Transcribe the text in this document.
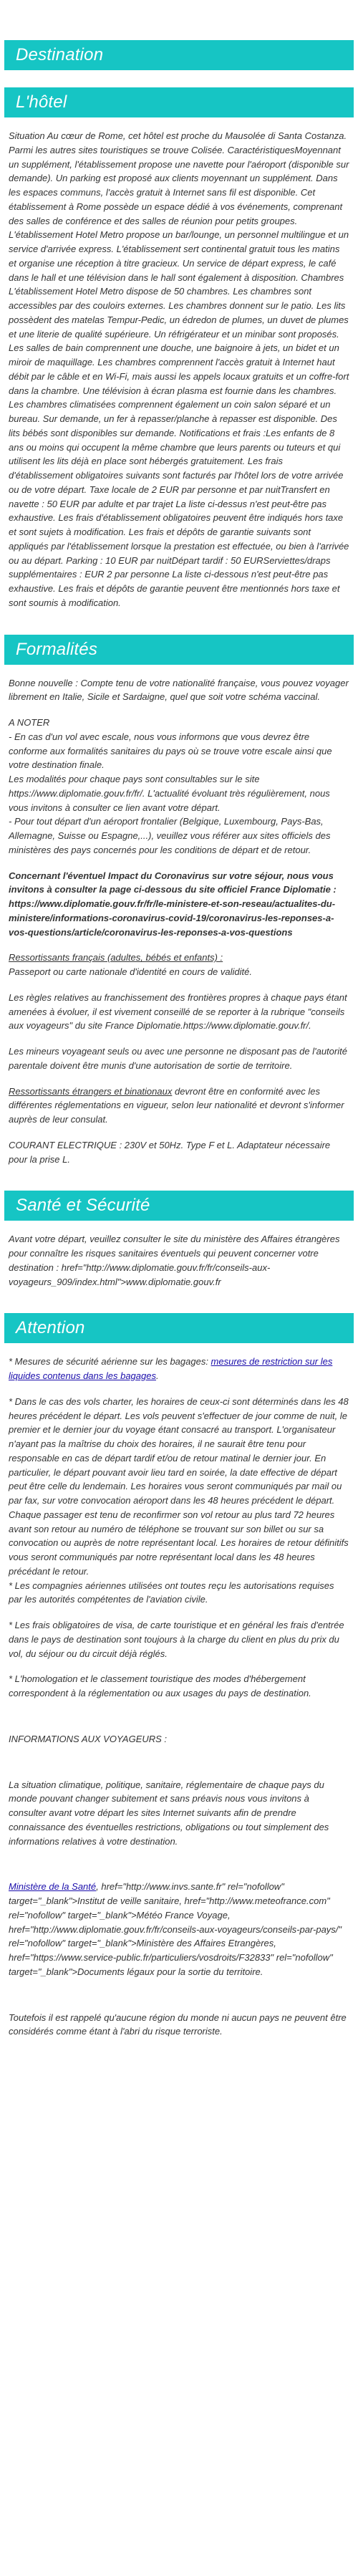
Destination
L'hôtel

Situation Au cœur de Rome, cet hôtel est proche du Mausolée di Santa Costanza. Parmi les autres sites touristiques se trouve Colisée. CaractéristiquesMoyennant un supplément, l'établissement propose une navette pour l'aéroport (disponible sur demande). Un parking est proposé aux clients moyennant un supplément. Dans les espaces communs, l'accès gratuit à Internet sans fil est disponible. Cet établissement à Rome possède un espace dédié à vos événements, comprenant des salles de conférence et des salles de réunion pour petits groupes. L'établissement Hotel Metro propose un bar/lounge, un personnel multilingue et un service d'arrivée express. L'établissement sert continental gratuit tous les matins et organise une réception à titre gracieux. Un service de départ express, le café dans le hall et une télévision dans le hall sont également à disposition. Chambres L'établissement Hotel Metro dispose de 50 chambres. Les chambres sont accessibles par des couloirs externes. Les chambres donnent sur le patio. Les lits possèdent des matelas Tempur-Pedic, un édredon de plumes, un duvet de plumes et une literie de qualité supérieure. Un réfrigérateur et un minibar sont proposés. Les salles de bain comprennent une douche, une baignoire à jets, un bidet et un miroir de maquillage. Les chambres comprennent l'accès gratuit à Internet haut débit par le câble et en Wi-Fi, mais aussi les appels locaux gratuits et un coffre-fort dans la chambre. Une télévision à écran plasma est fournie dans les chambres. Les chambres climatisées comprennent également un coin salon séparé et un bureau. Sur demande, un fer à repasser/planche à repasser est disponible. Des lits bébés sont disponibles sur demande. Notifications et frais :Les enfants de 8 ans ou moins qui occupent la même chambre que leurs parents ou tuteurs et qui utilisent les lits déjà en place sont hébergés gratuitement. Les frais d'établissement obligatoires suivants sont facturés par l'hôtel lors de votre arrivée ou de votre départ. Taxe locale de 2 EUR par personne et par nuitTransfert en navette : 50 EUR par adulte et par trajet La liste ci-dessus n'est peut-être pas exhaustive. Les frais d'établissement obligatoires peuvent être indiqués hors taxe et sont sujets à modification. Les frais et dépôts de garantie suivants sont appliqués par l'établissement lorsque la prestation est effectuée, ou bien à l'arrivée ou au départ. Parking : 10 EUR par nuitDépart tardif : 50 EURServiettes/draps supplémentaires : EUR 2 par personne La liste ci-dessous n'est peut-être pas exhaustive. Les frais et dépôts de garantie peuvent être mentionnés hors taxe et sont soumis à modification.

Formalités

Bonne nouvelle : Compte tenu de votre nationalité française, vous pouvez voyager librement en Italie, Sicile et Sardaigne, quel que soit votre schéma vaccinal.

A NOTER
- En cas d'un vol avec escale, nous vous informons que vous devrez être conforme aux formalités sanitaires du pays où se trouve votre escale ainsi que votre destination finale.
Les modalités pour chaque pays sont consultables sur le site https://www.diplomatie.gouv.fr/fr/. L'actualité évoluant très régulièrement, nous vous invitons à consulter ce lien avant votre départ.
- Pour tout départ d'un aéroport frontalier (Belgique, Luxembourg, Pays-Bas, Allemagne, Suisse ou Espagne,...), veuillez vous référer aux sites officiels des ministères des pays concernés pour les conditions de départ et de retour.

Concernant l'éventuel Impact du Coronavirus sur votre séjour, nous vous invitons à consulter la page ci-dessous du site officiel France Diplomatie : https://www.diplomatie.gouv.fr/fr/le-ministere-et-son-reseau/actualites-du-ministere/informations-coronavirus-covid-19/coronavirus-les-reponses-a-vos-questions/article/coronavirus-les-reponses-a-vos-questions

Ressortissants français (adultes, bébés et enfants) :
Passeport ou carte nationale d'identité en cours de validité.

Les règles relatives au franchissement des frontières propres à chaque pays étant amenées à évoluer, il est vivement conseillé de se reporter à la rubrique "conseils aux voyageurs" du site France Diplomatie.https://www.diplomatie.gouv.fr/.

Les mineurs voyageant seuls ou avec une personne ne disposant pas de l'autorité parentale doivent être munis d'une autorisation de sortie de territoire.

Ressortissants étrangers et binationaux devront être en conformité avec les différentes réglementations en vigueur, selon leur nationalité et devront s'informer auprès de leur consulat.

COURANT ELECTRIQUE : 230V et 50Hz. Type F et L. Adaptateur nécessaire pour la prise L.

Santé et Sécurité

Avant votre départ, veuillez consulter le site du ministère des Affaires étrangères pour connaître les risques sanitaires éventuels qui peuvent concerner votre destination : href="http://www.diplomatie.gouv.fr/fr/conseils-aux-voyageurs_909/index.html">www.diplomatie.gouv.fr

Attention

* Mesures de sécurité aérienne sur les bagages: mesures de restriction sur les liquides contenus dans les bagages.

* Dans le cas des vols charter, les horaires de ceux-ci sont déterminés dans les 48 heures précédent le départ. Les vols peuvent s'effectuer de jour comme de nuit, le premier et le dernier jour du voyage étant consacré au transport. L'organisateur n'ayant pas la maîtrise du choix des horaires, il ne saurait être tenu pour responsable en cas de départ tardif et/ou de retour matinal le dernier jour. En particulier, le départ pouvant avoir lieu tard en soirée, la date effective de départ peut être celle du lendemain. Les horaires vous seront communiqués par mail ou par fax, sur votre convocation aéroport dans les 48 heures précédent le départ. Chaque passager est tenu de reconfirmer son vol retour au plus tard 72 heures avant son retour au numéro de téléphone se trouvant sur son billet ou sur sa convocation ou auprès de notre représentant local. Les horaires de retour définitifs vous seront communiqués par notre représentant local dans les 48 heures précédant le retour.
* Les compagnies aériennes utilisées ont toutes reçu les autorisations requises par les autorités compétentes de l'aviation civile.

* Les frais obligatoires de visa, de carte touristique et en général les frais d'entrée dans le pays de destination sont toujours à la charge du client en plus du prix du vol, du séjour ou du circuit déjà réglés.

* L'homologation et le classement touristique des modes d'hébergement correspondent à la réglementation ou aux usages du pays de destination.

INFORMATIONS AUX VOYAGEURS :

La situation climatique, politique, sanitaire, réglementaire de chaque pays du monde pouvant changer subitement et sans préavis nous vous invitons à consulter avant votre départ les sites Internet suivants afin de prendre connaissance des éventuelles restrictions, obligations ou tout simplement des informations relatives à votre destination.

Ministère de la Santé, href="http://www.invs.sante.fr" rel="nofollow" target="_blank">Institut de veille sanitaire, href="http://www.meteofrance.com" rel="nofollow" target="_blank">Météo France Voyage, href="http://www.diplomatie.gouv.fr/fr/conseils-aux-voyageurs/conseils-par-pays/" rel="nofollow" target="_blank">Ministère des Affaires Etrangères, href="https://www.service-public.fr/particuliers/vosdroits/F32833" rel="nofollow" target="_blank">Documents légaux pour la sortie du territoire.

Toutefois il est rappelé qu'aucune région du monde ni aucun pays ne peuvent être considérés comme étant à l'abri du risque terroriste.
